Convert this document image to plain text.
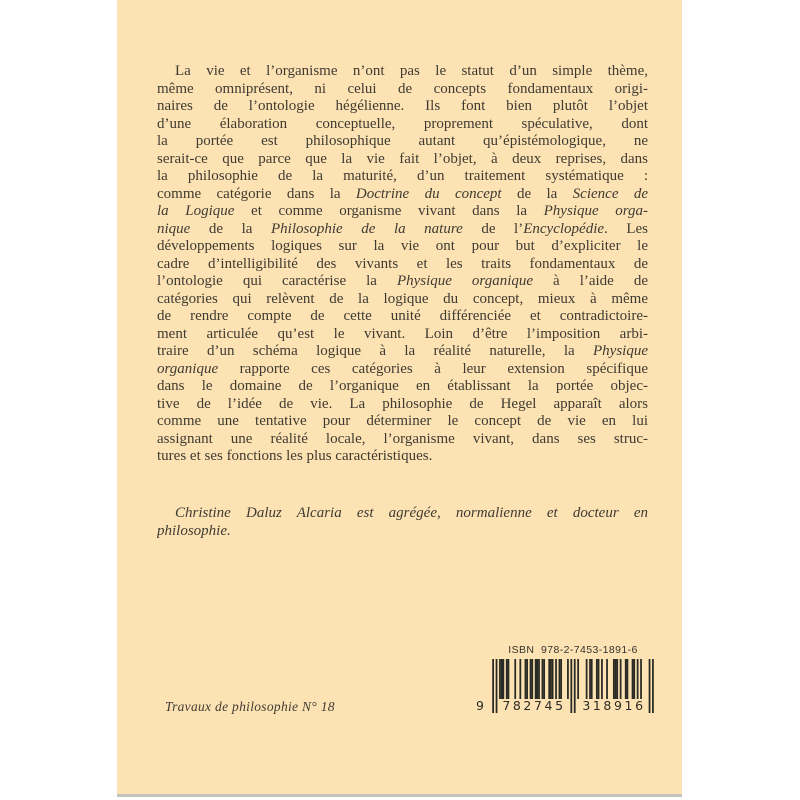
La vie et l’organisme n’ont pas le statut d’un simple thème,
même omniprésent, ni celui de concepts fondamentaux origi-
naires de l’ontologie hégélienne. Ils font bien plutôt l’objet
d’une élaboration conceptuelle, proprement spéculative, dont
la portée est philosophique autant qu’épistémologique, ne
serait-ce que parce que la vie fait l’objet, à deux reprises, dans
la philosophie de la maturité, d’un traitement systématique :
comme catégorie dans la Doctrine du concept de la Science de
la Logique et comme organisme vivant dans la Physique orga-
nique de la Philosophie de la nature de l’Encyclopédie. Les
développements logiques sur la vie ont pour but d’expliciter le
cadre d’intelligibilité des vivants et les traits fondamentaux de
l’ontologie qui caractérise la Physique organique à l’aide de
catégories qui relèvent de la logique du concept, mieux à même
de rendre compte de cette unité différenciée et contradictoire-
ment articulée qu’est le vivant. Loin d’être l’imposition arbi-
traire d’un schéma logique à la réalité naturelle, la Physique
organique rapporte ces catégories à leur extension spécifique
dans le domaine de l’organique en établissant la portée objec-
tive de l’idée de vie. La philosophie de Hegel apparaît alors
comme une tentative pour déterminer le concept de vie en lui
assignant une réalité locale, l’organisme vivant, dans ses struc-
tures et ses fonctions les plus caractéristiques.
Christine Daluz Alcaria est agrégée, normalienne et docteur en
philosophie.
Travaux de philosophie N° 18
ISBN  978-2-7453-1891-6
9	782745	318916
